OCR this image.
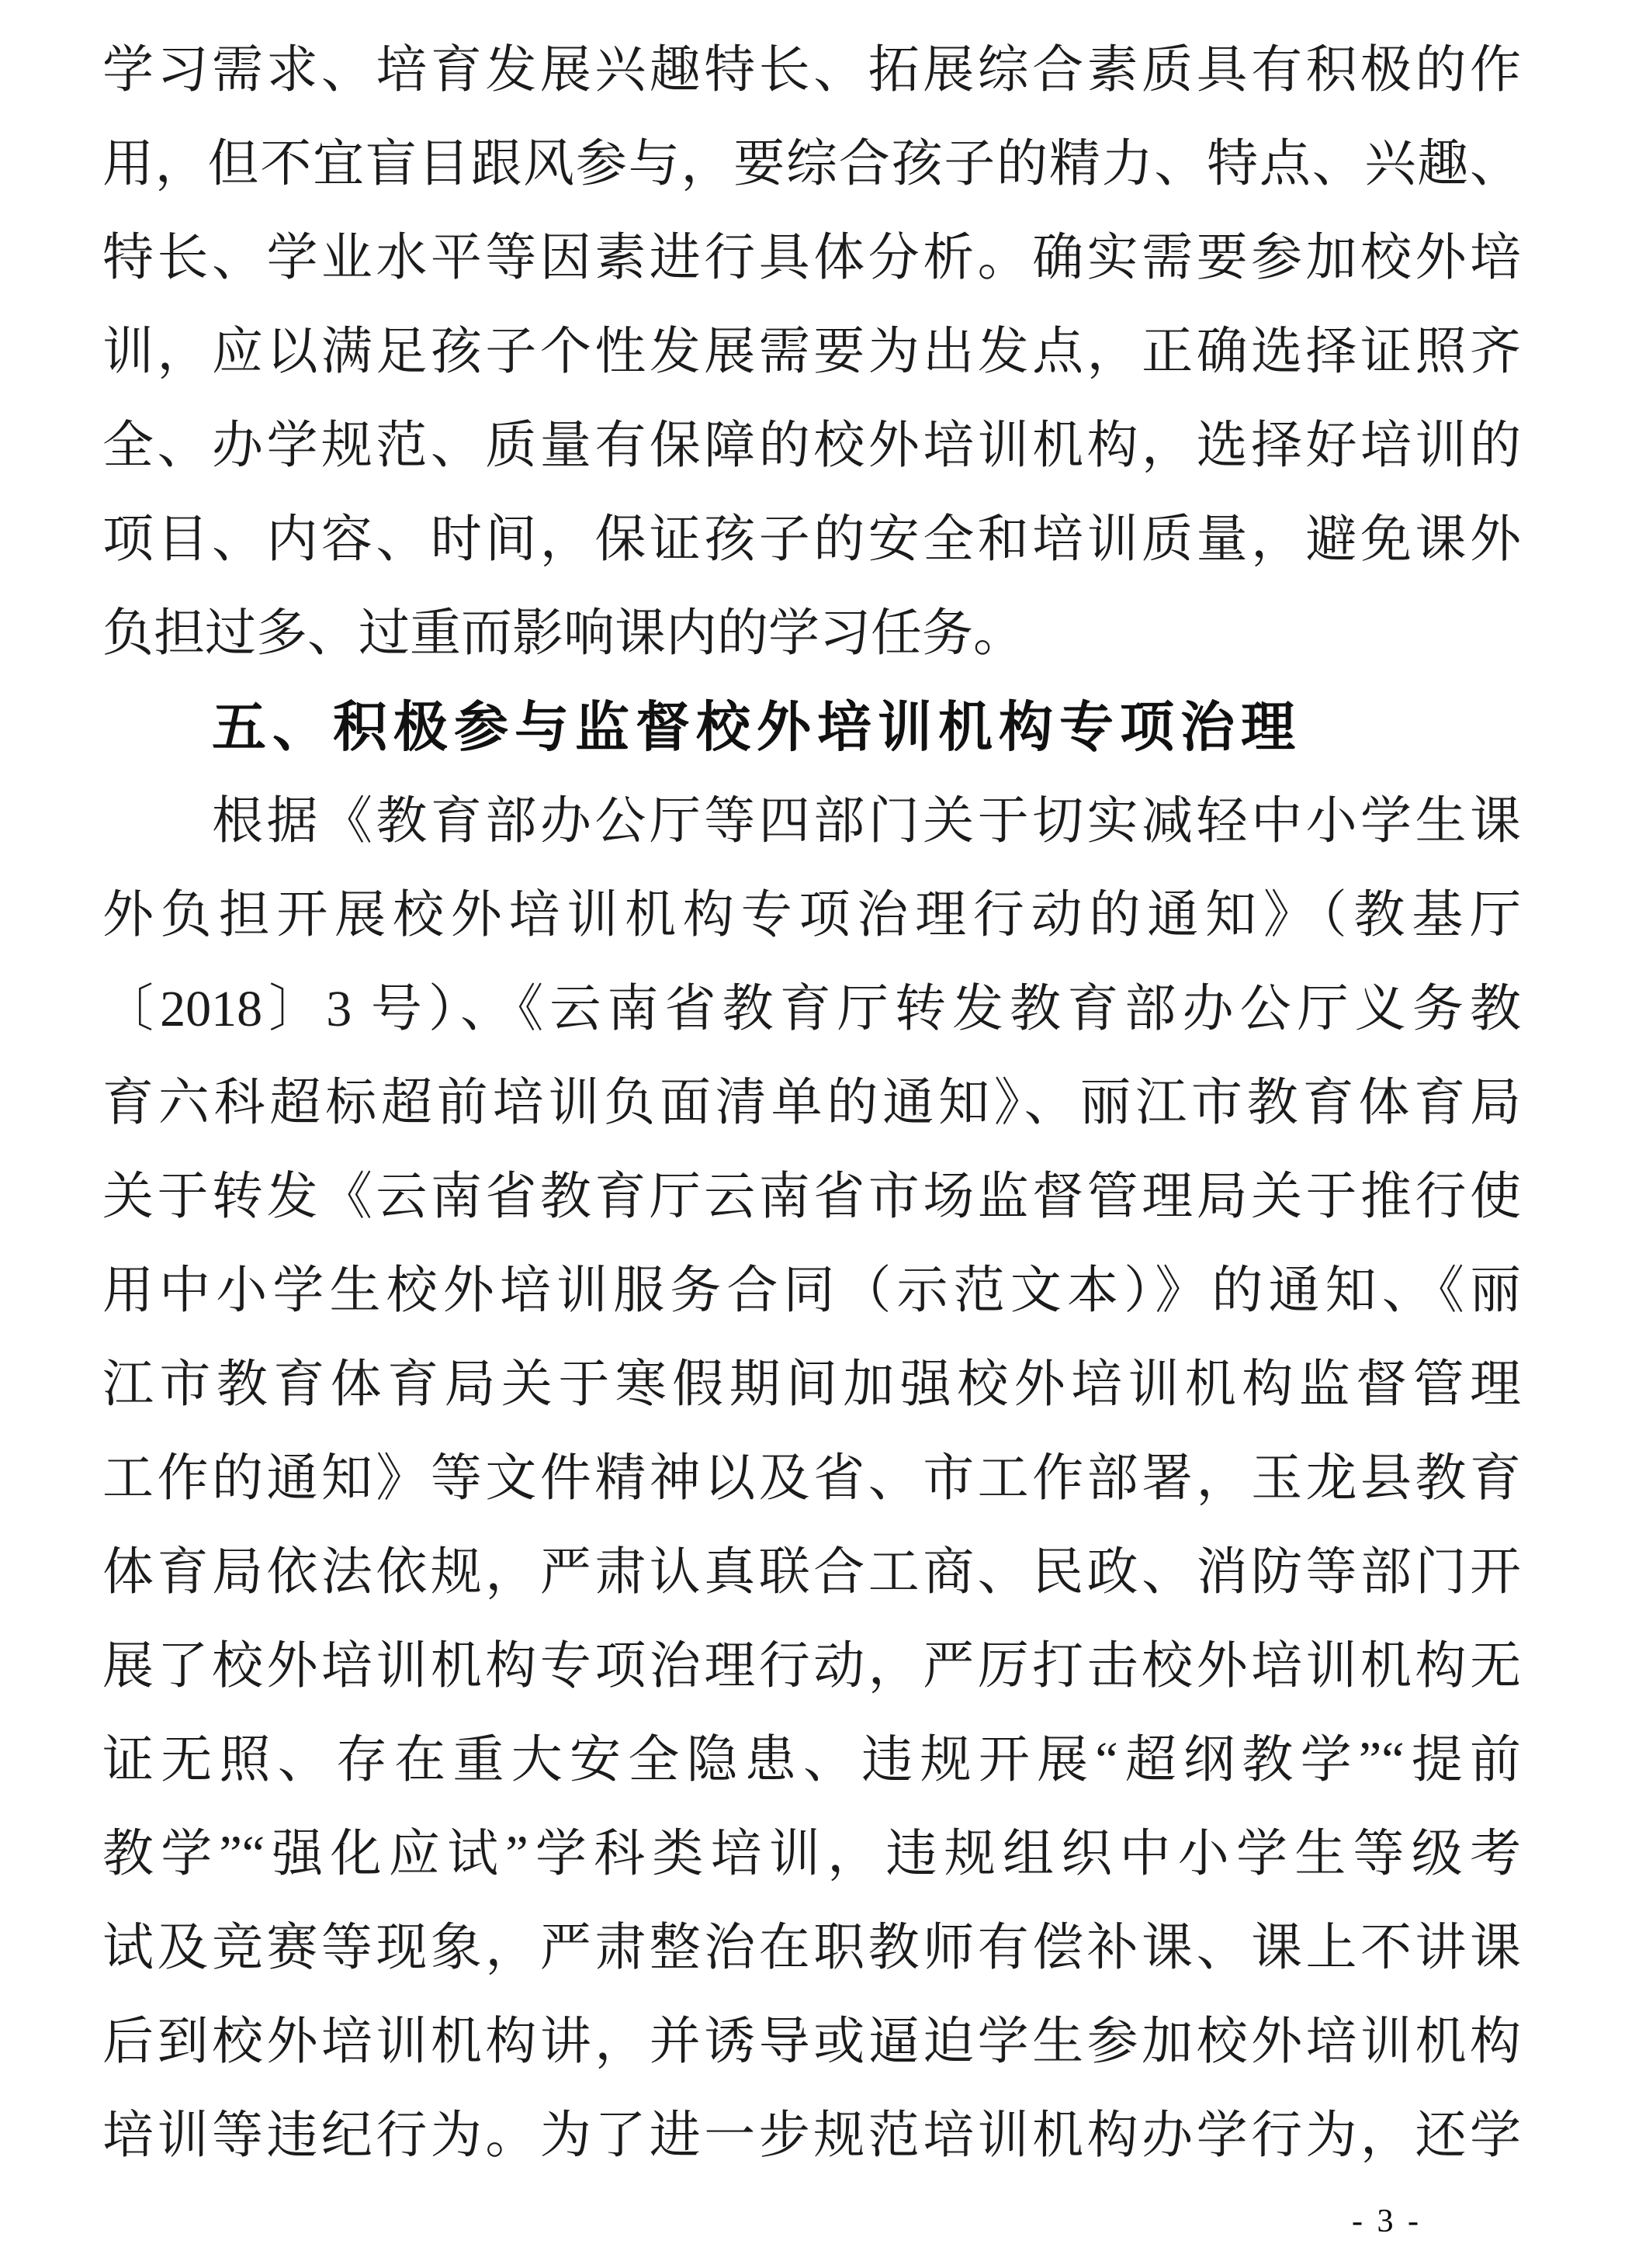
学习需求、培育发展兴趣特长、拓展综合素质具有积极的作
用，但不宜盲目跟风参与，要综合孩子的精力、特点、兴趣、
特长、学业水平等因素进行具体分析。确实需要参加校外培
训，应以满足孩子个性发展需要为出发点，正确选择证照齐
全、办学规范、质量有保障的校外培训机构，选择好培训的
项目、内容、时间，保证孩子的安全和培训质量，避免课外
负担过多、过重而影响课内的学习任务。
五、积极参与监督校外培训机构专项治理
根据《教育部办公厅等四部门关于切实减轻中小学生课
外负担开展校外培训机构专项治理行动的通知》（教基厅
〔2018〕3 号）、《云南省教育厅转发教育部办公厅义务教
育六科超标超前培训负面清单的通知》、丽江市教育体育局
关于转发《云南省教育厅云南省市场监督管理局关于推行使
用中小学生校外培训服务合同（示范文本）》的通知、《丽
江市教育体育局关于寒假期间加强校外培训机构监督管理
工作的通知》等文件精神以及省、市工作部署，玉龙县教育
体育局依法依规，严肃认真联合工商、民政、消防等部门开
展了校外培训机构专项治理行动，严厉打击校外培训机构无
证无照、存在重大安全隐患、违规开展“超纲教学”“提前
教学”“强化应试”学科类培训，违规组织中小学生等级考
试及竞赛等现象，严肃整治在职教师有偿补课、课上不讲课
后到校外培训机构讲，并诱导或逼迫学生参加校外培训机构
培训等违纪行为。为了进一步规范培训机构办学行为，还学
- 3 -
